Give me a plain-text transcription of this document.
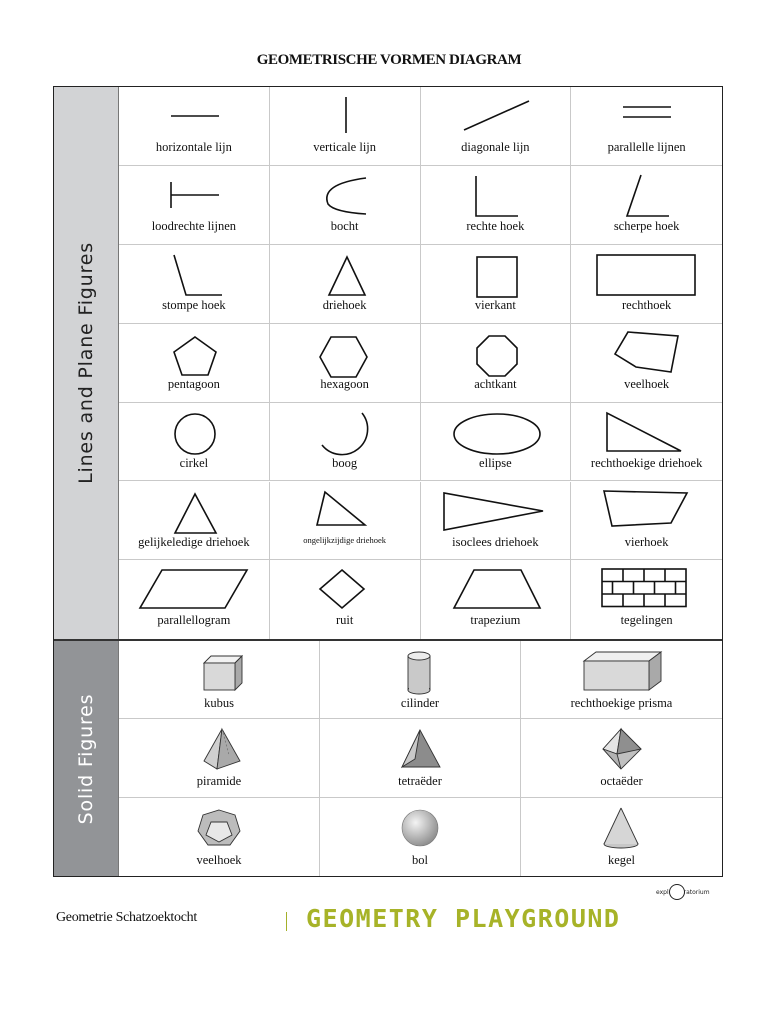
GEOMETRISCHE VORMEN DIAGRAM
Lines and Plane Figures
Solid Figures
horizontale lijn	verticale lijn	diagonale lijn	parallelle lijnen
loodrechte lijnen	bocht	rechte hoek	scherpe hoek
stompe hoek	driehoek	vierkant	rechthoek
pentagoon	hexagoon	achtkant	veelhoek
cirkel	boog	ellipse	rechthoekige driehoek
gelijkeledige driehoek	ongelijkzijdige driehoek	isoclees driehoek	vierhoek
parallellogram	ruit	trapezium	tegelingen
kubus	cilinder	rechthoekige prisma
piramide	tetraëder	octaëder
veelhoek	bol	kegel
Geometrie Schatzoektocht	GEOMETRY PLAYGROUND
expl	ratorium
